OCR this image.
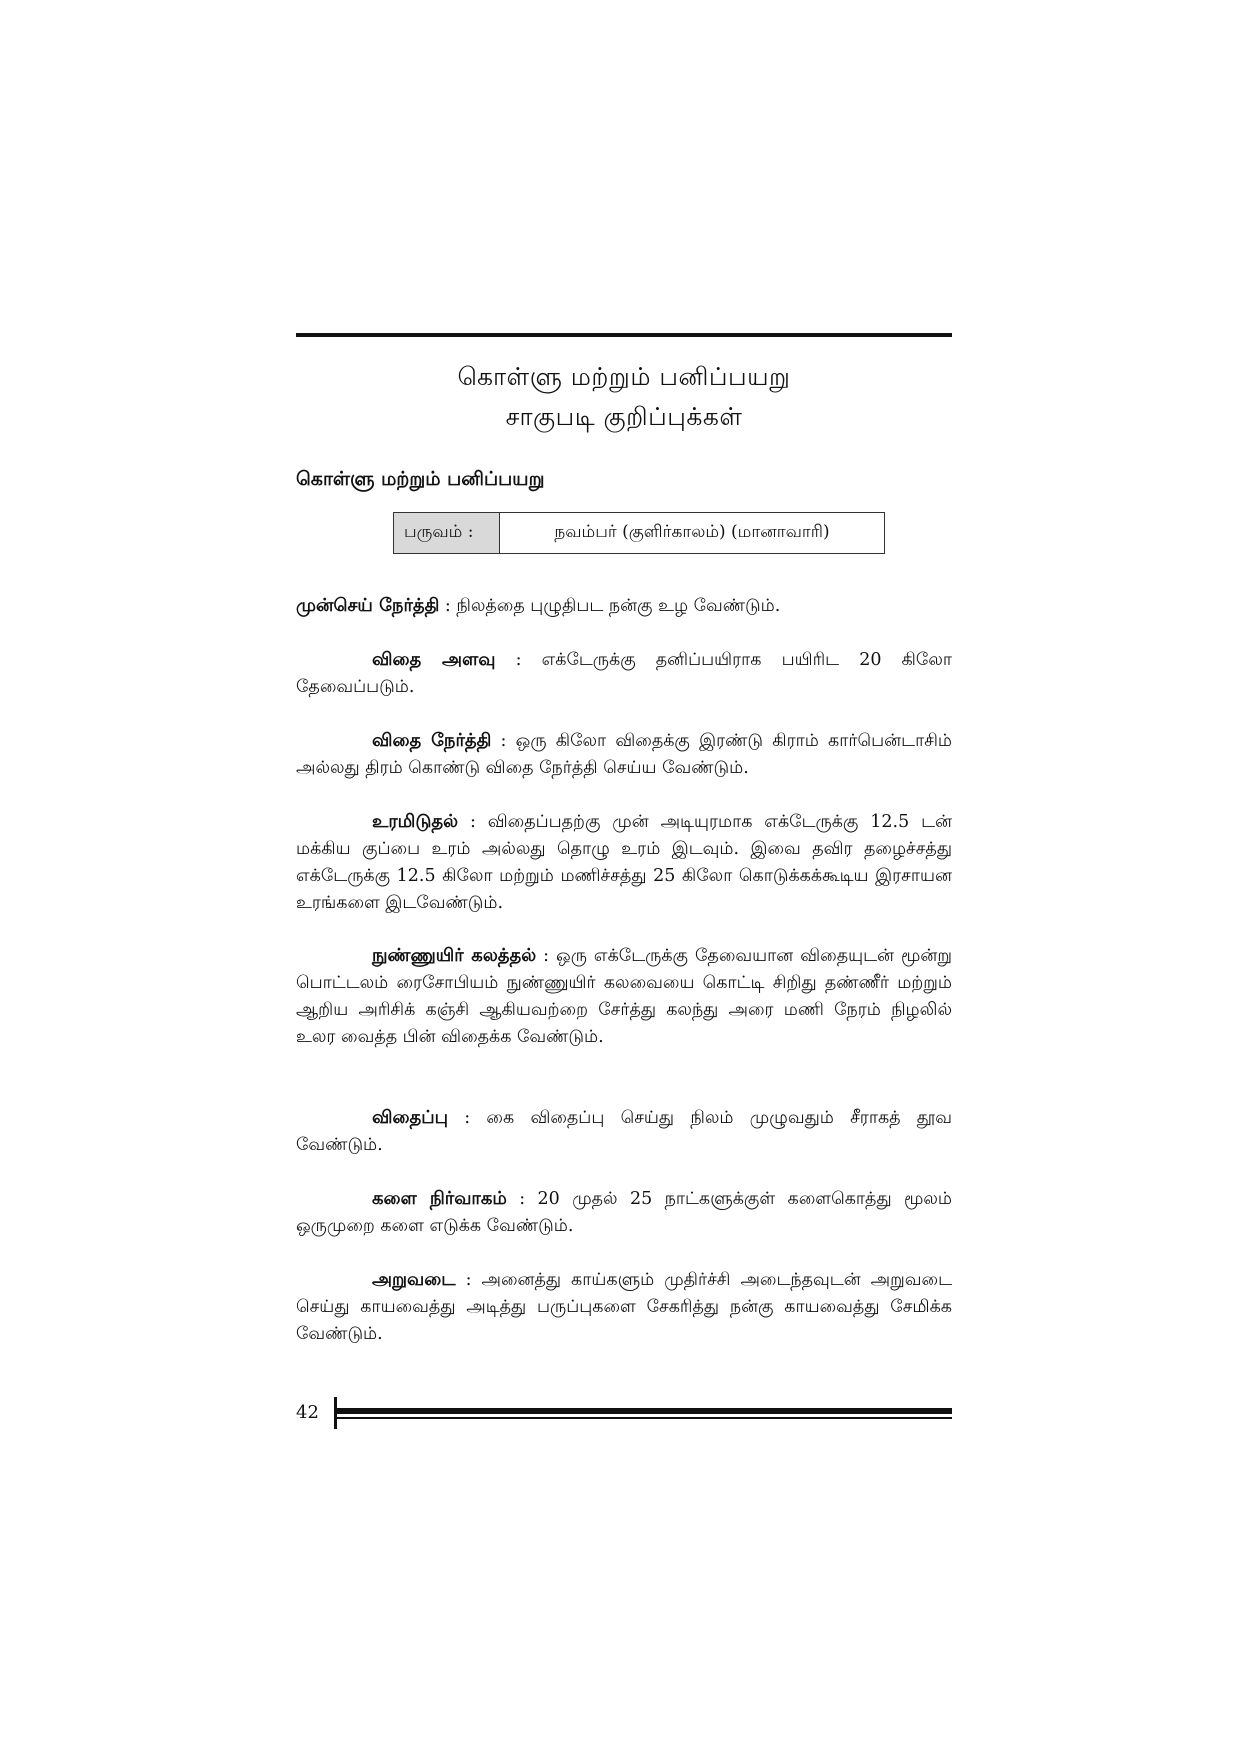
கொள்ளு மற்றும் பனிப்பயறு
சாகுபடி குறிப்புக்கள்
கொள்ளு மற்றும் பனிப்பயறு
பருவம் :	நவம்பர் (குளிர்காலம்) (மானாவாரி)

முன்செய் நேர்த்தி : நிலத்தை புழுதிபட நன்கு உழ வேண்டும்.

விதை அளவு : எக்டேருக்கு தனிப்பயிராக பயிரிட 20 கிலோ தேவைப்படும்.

விதை நேர்த்தி : ஒரு கிலோ விதைக்கு இரண்டு கிராம் கார்பென்டாசிம் அல்லது திரம் கொண்டு விதை நேர்த்தி செய்ய வேண்டும்.

உரமிடுதல் : விதைப்பதற்கு முன் அடியுரமாக எக்டேருக்கு 12.5 டன் மக்கிய குப்பை உரம் அல்லது தொழு உரம் இடவும். இவை தவிர தழைச்சத்து எக்டேருக்கு 12.5 கிலோ மற்றும் மணிச்சத்து 25 கிலோ கொடுக்கக்கூடிய இரசாயன உரங்களை இடவேண்டும்.

நுண்ணுயிர் கலத்தல் : ஒரு எக்டேருக்கு தேவையான விதையுடன் மூன்று பொட்டலம் ரைசோபியம் நுண்ணுயிர் கலவையை கொட்டி சிறிது தண்ணீர் மற்றும் ஆறிய அரிசிக் கஞ்சி ஆகியவற்றை சேர்த்து கலந்து அரை மணி நேரம் நிழலில் உலர வைத்த பின் விதைக்க வேண்டும்.

விதைப்பு : கை விதைப்பு செய்து நிலம் முழுவதும் சீராகத் தூவ வேண்டும்.

களை நிர்வாகம் : 20 முதல் 25 நாட்களுக்குள் களைகொத்து மூலம் ஒருமுறை களை எடுக்க வேண்டும்.

அறுவடை : அனைத்து காய்களும் முதிர்ச்சி அடைந்தவுடன் அறுவடை செய்து காயவைத்து அடித்து பருப்புகளை சேகரித்து நன்கு காயவைத்து சேமிக்க வேண்டும்.

42
